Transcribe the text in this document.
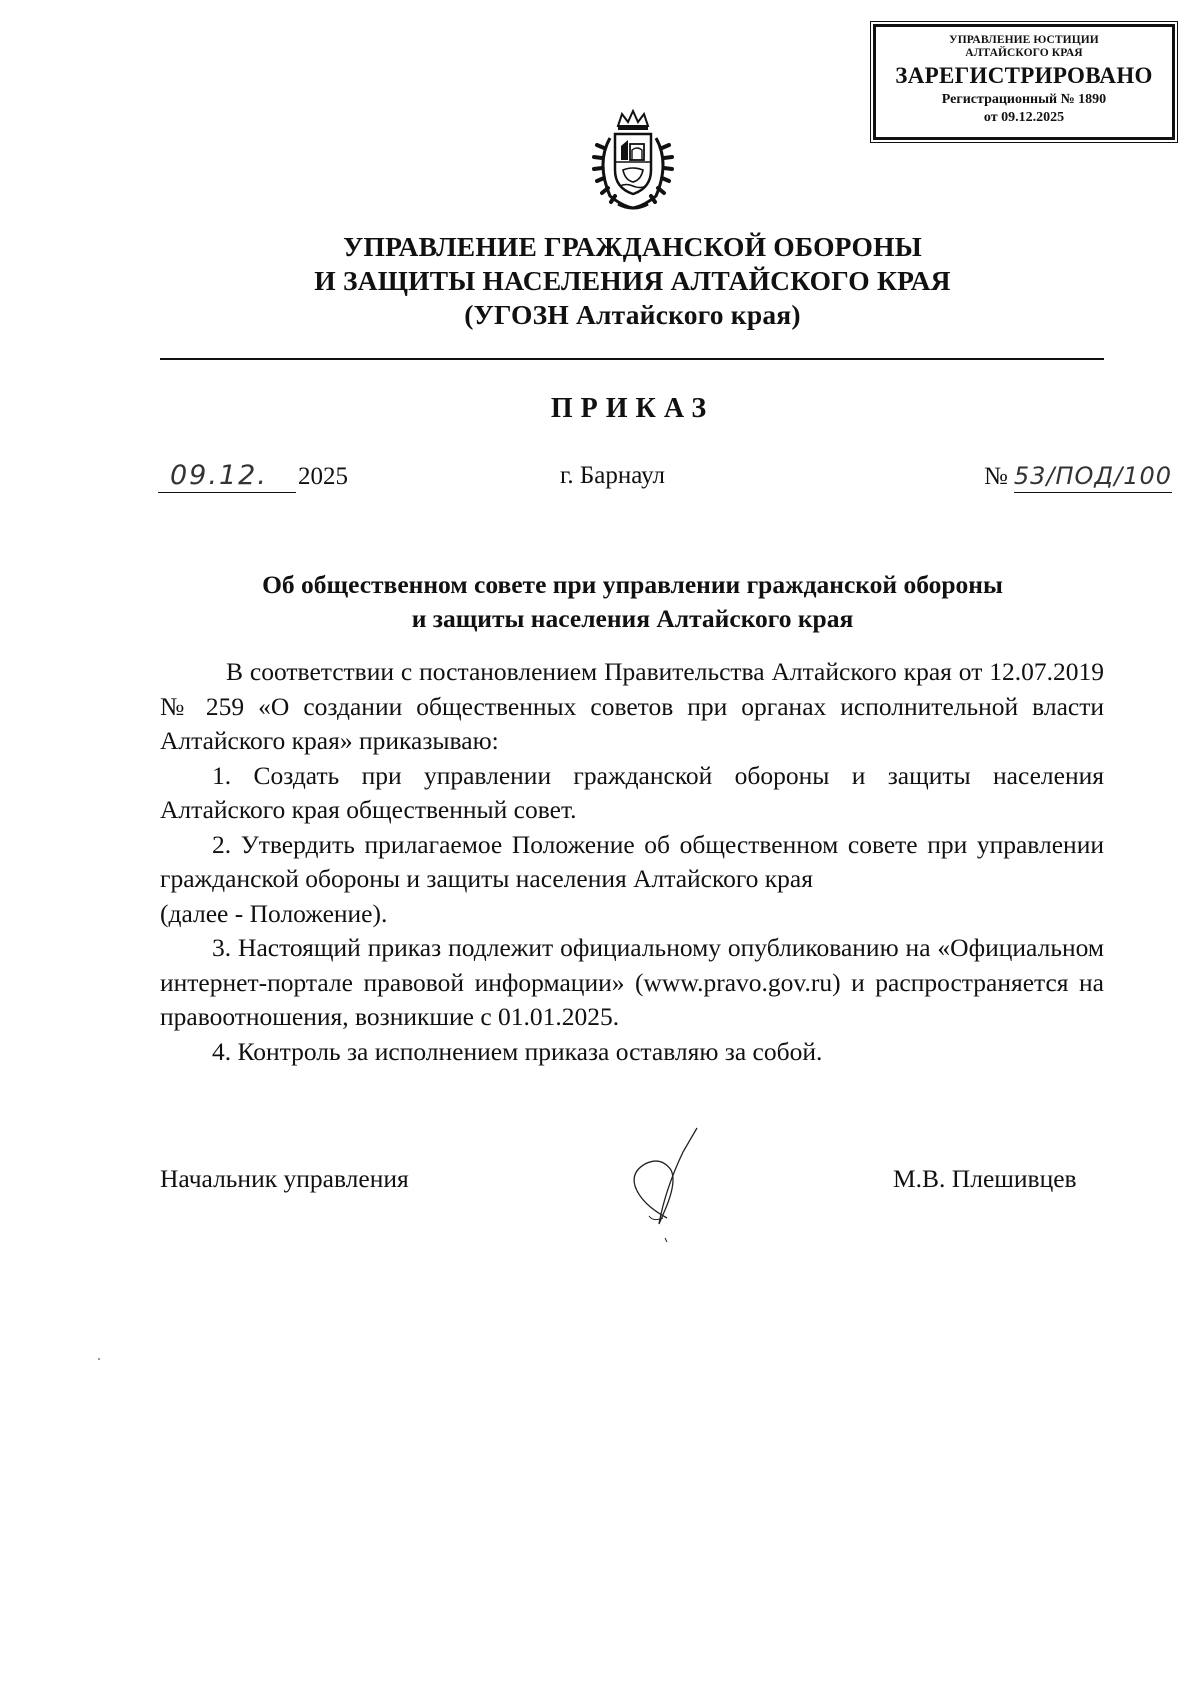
УПРАВЛЕНИЕ ЮСТИЦИИ
АЛТАЙСКОГО КРАЯ
ЗАРЕГИСТРИРОВАНО
Регистрационный № 1890
от 09.12.2025
УПРАВЛЕНИЕ ГРАЖДАНСКОЙ ОБОРОНЫ
И ЗАЩИТЫ НАСЕЛЕНИЯ АЛТАЙСКОГО КРАЯ
(УГОЗН Алтайского края)
ПРИКАЗ
09.12. 2025	г. Барнаул	№ 53/ПОД/100
Об общественном совете при управлении гражданской обороны
и защиты населения Алтайского края

В соответствии с постановлением Правительства Алтайского края от 12.07.2019 № 259 «О создании общественных советов при органах исполнительной власти Алтайского края» приказываю:

1. Создать при управлении гражданской обороны и защиты населения Алтайского края общественный совет.

2. Утвердить прилагаемое Положение об общественном совете при управлении гражданской обороны и защиты населения Алтайского края

(далее - Положение).

3. Настоящий приказ подлежит официальному опубликованию на «Официальном интернет-портале правовой информации» (www.pravo.gov.ru) и распространяется на правоотношения, возникшие с 01.01.2025.

4. Контроль за исполнением приказа оставляю за собой.

Начальник управления	М.В. Плешивцев
